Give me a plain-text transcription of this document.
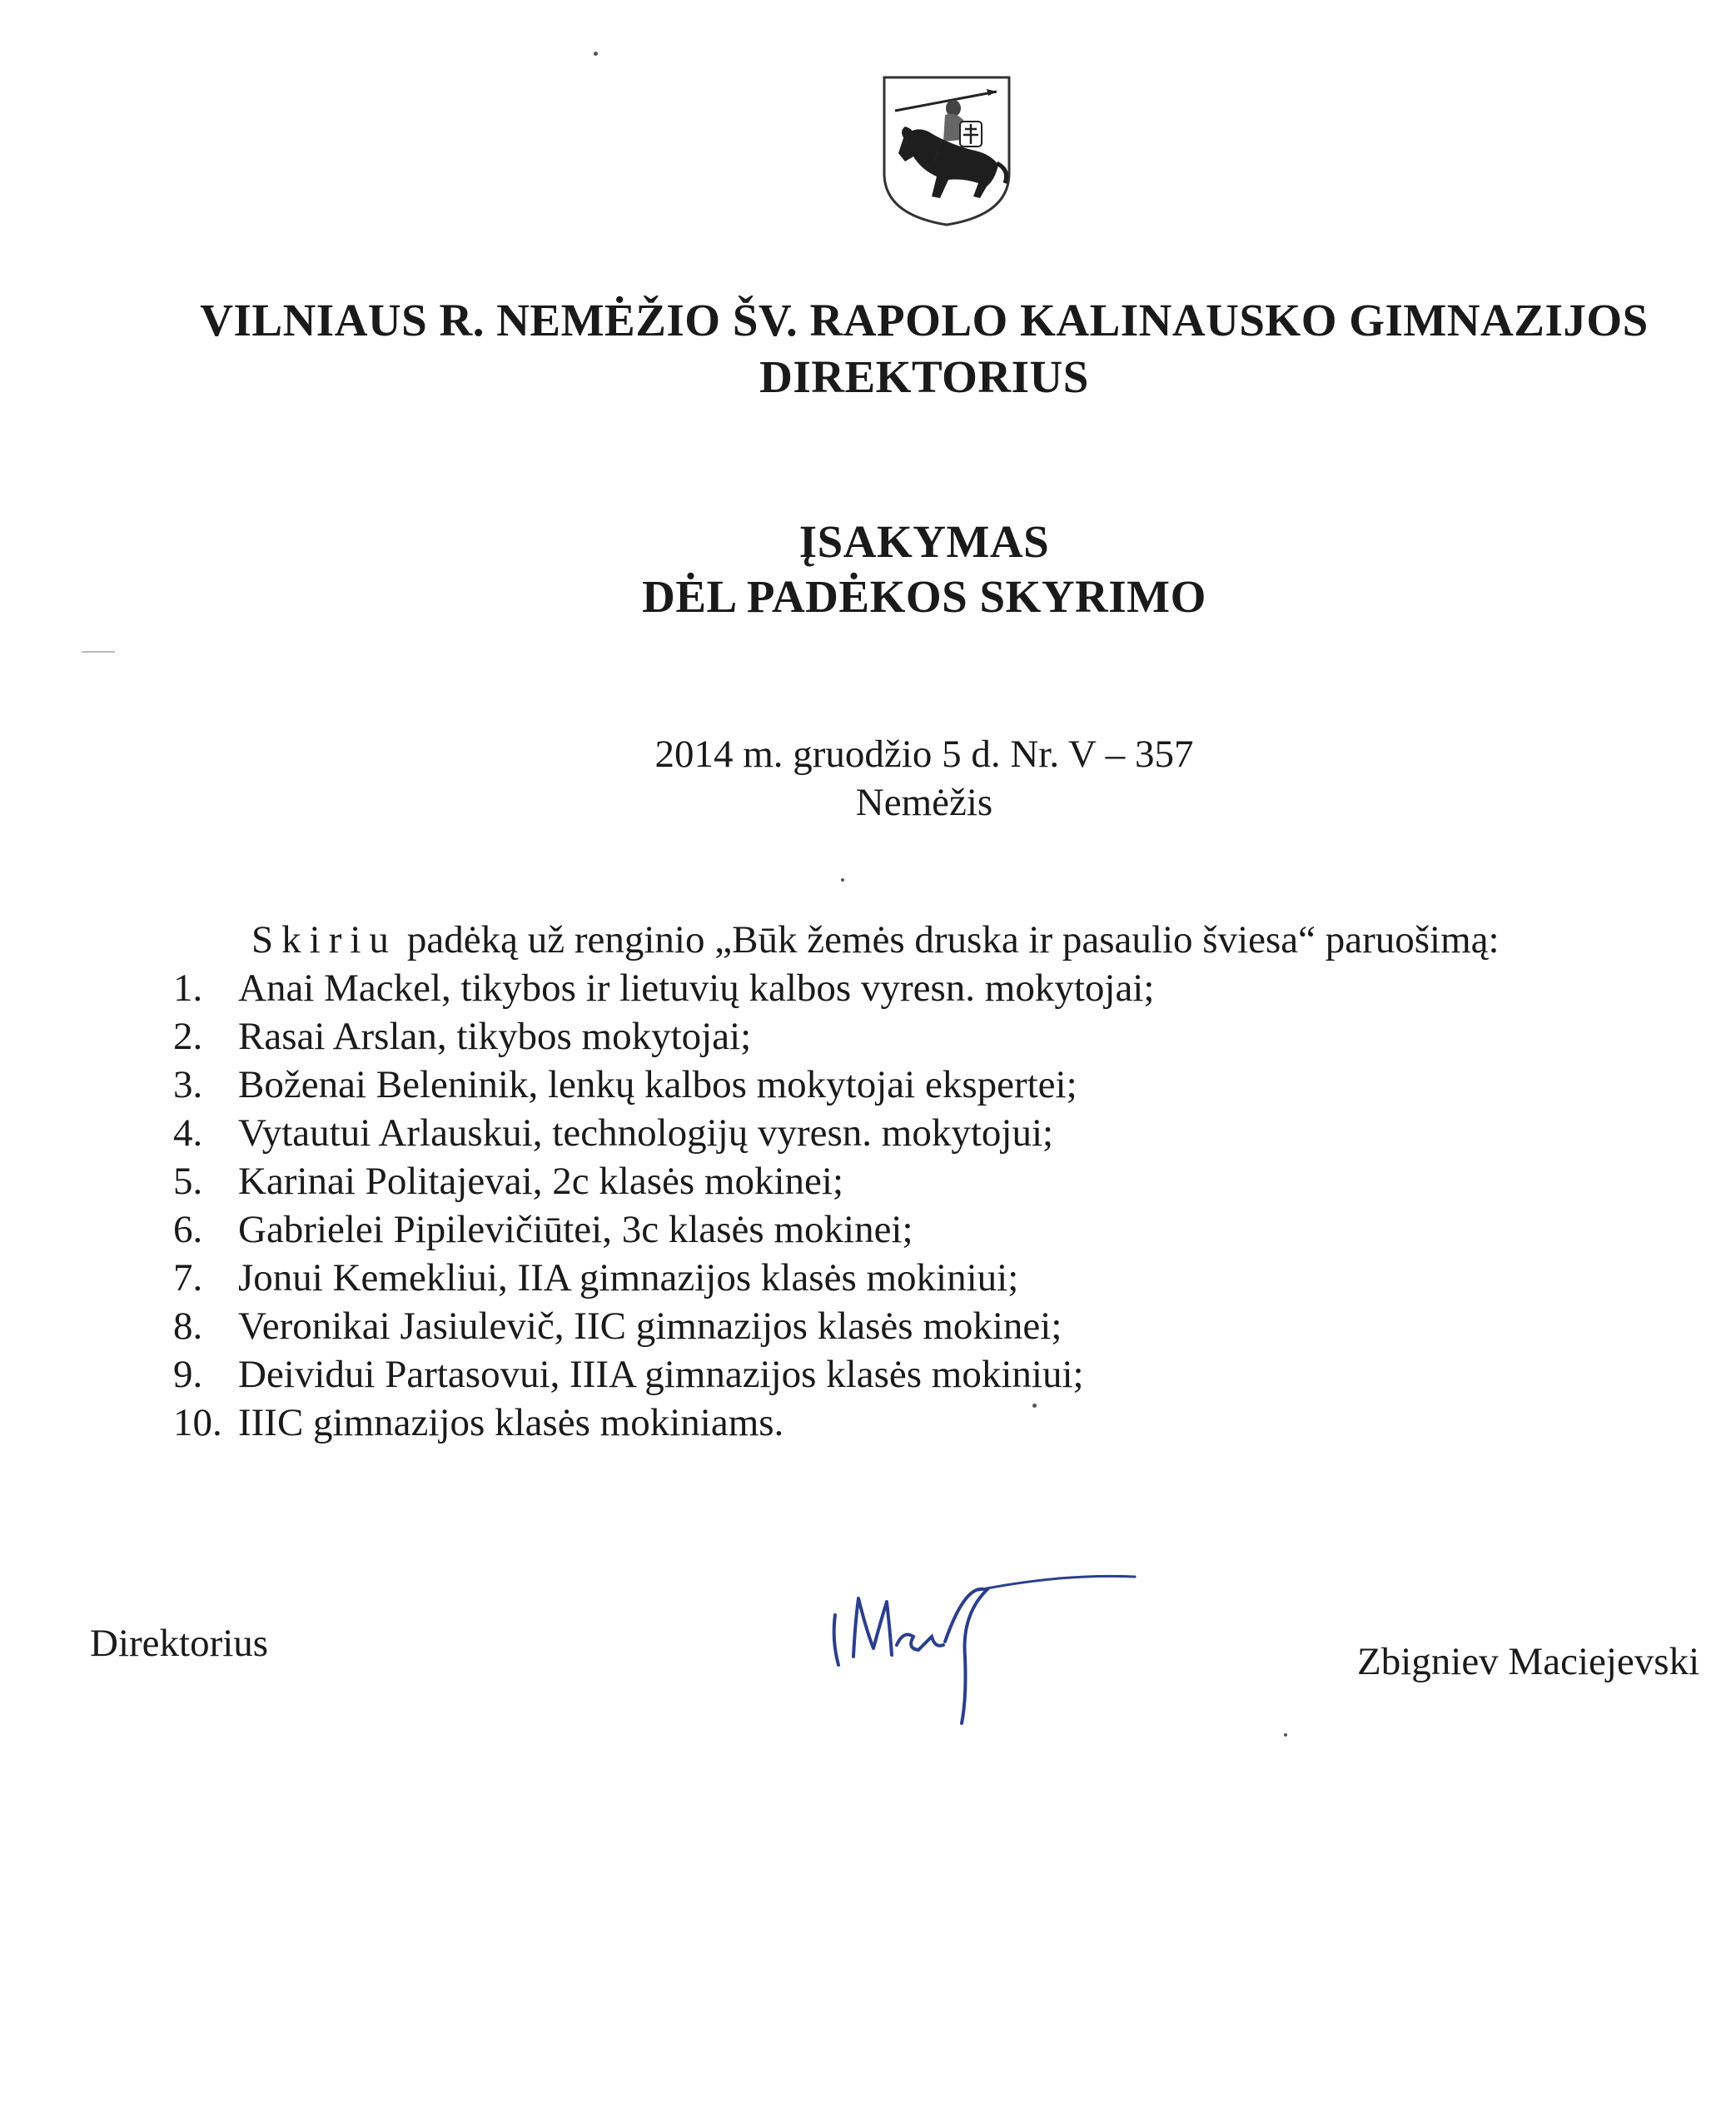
VILNIAUS R. NEMĖŽIO ŠV. RAPOLO KALINAUSKO GIMNAZIJOS
DIREKTORIUS
ĮSAKYMAS
DĖL PADĖKOS SKYRIMO
2014 m. gruodžio 5 d. Nr. V – 357
Nemėžis
Skiriu padėką už renginio „Būk žemės druska ir pasaulio šviesa“ paruošimą:
1. Anai Mackel, tikybos ir lietuvių kalbos vyresn. mokytojai;
2. Rasai Arslan, tikybos mokytojai;
3. Boženai Beleninik, lenkų kalbos mokytojai ekspertei;
4. Vytautui Arlauskui, technologijų vyresn. mokytojui;
5. Karinai Politajevai, 2c klasės mokinei;
6. Gabrielei Pipilevičiūtei, 3c klasės mokinei;
7. Jonui Kemekliui, IIA gimnazijos klasės mokiniui;
8. Veronikai Jasiulevič, IIC gimnazijos klasės mokinei;
9. Deividui Partasovui, IIIA gimnazijos klasės mokiniui;
10. IIIC gimnazijos klasės mokiniams.
Direktorius	Zbigniev Maciejevski
